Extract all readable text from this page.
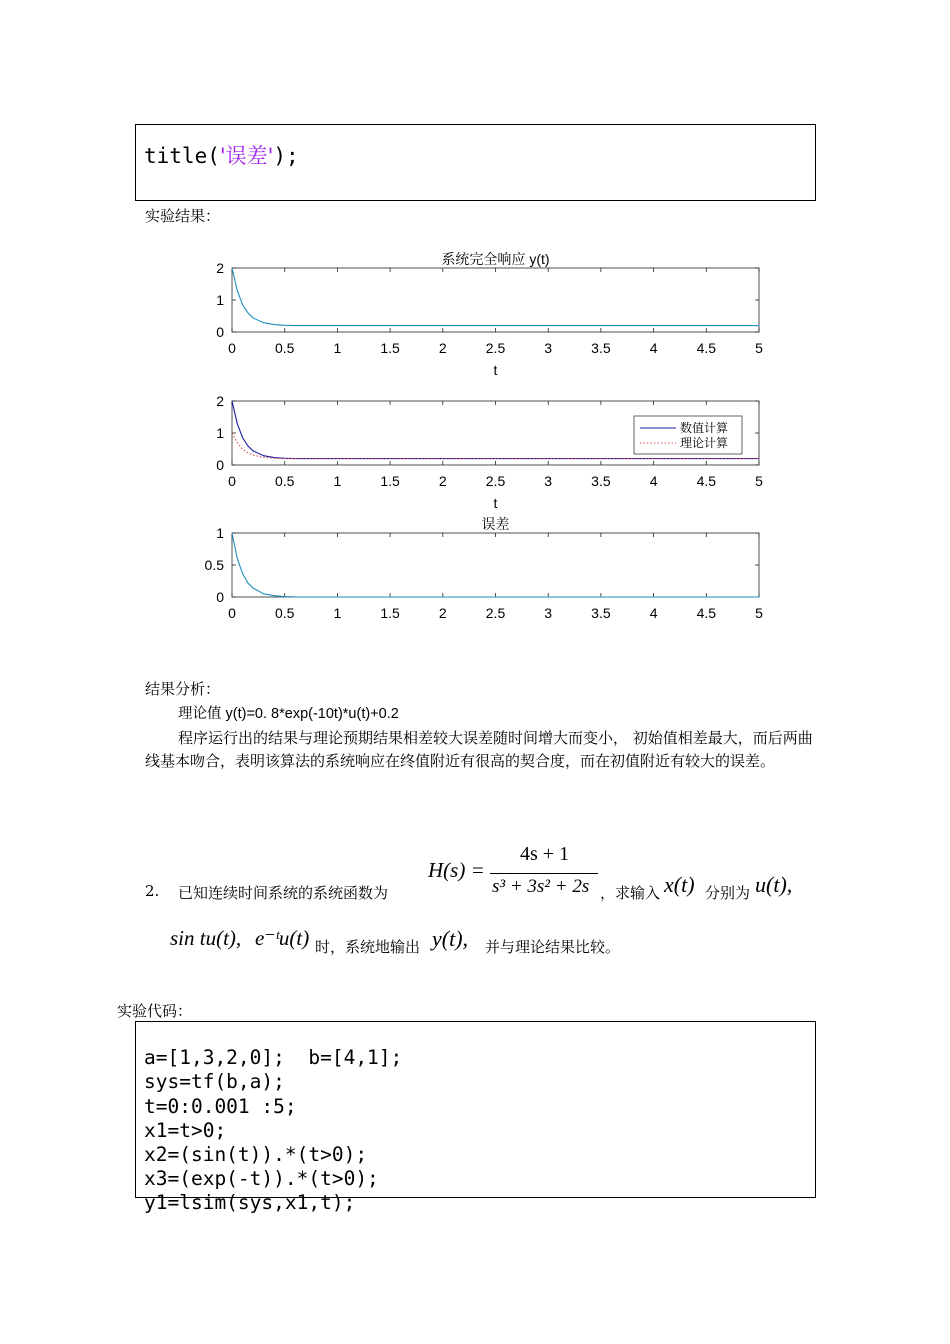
title('误差');
实验结果：
0	0.5	1	1.5	2	2.5	3	3.5	4	4.5	5
0
1
2
系统完全响应 y(t)
t
0	0.5	1	1.5	2	2.5	3	3.5	4	4.5	5
0
1
2
t
数值计算
理论计算
0	0.5	1	1.5	2	2.5	3	3.5	4	4.5	5
0
0.5
1
误差
结果分析：
理论值 y(t)=0. 8*exp(-10t)*u(t)+0.2
程序运行出的结果与理论预期结果相差较大误差随时间增大而变小， 初始值相差最大，而后两曲线基本吻合，表明该算法的系统响应在终值附近有很高的契合度，而在初值附近有较大的误差。
2. 已知连续时间系统的系统函数为
H(s) =
4s + 1
s³ + 3s² + 2s ，求输入 x(t) 分别为 u(t),
sin tu(t), e⁻ᵗu(t) 时，系统地输出 y(t), 并与理论结果比较。
实验代码：

a=[1,3,2,0];  b=[4,1];
sys=tf(b,a);
t=0:0.001 :5;
x1=t>0;
x2=(sin(t)).*(t>0);
x3=(exp(-t)).*(t>0);
y1=lsim(sys,x1,t);
